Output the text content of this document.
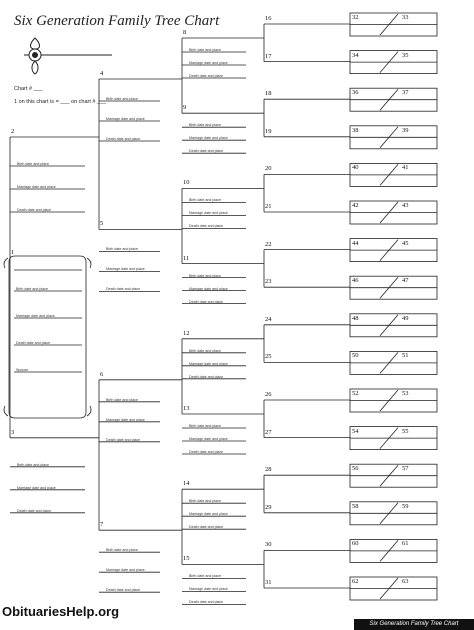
Six Generation Family Tree Chart
Chart # ___
1 on this chart is = ___ on chart # ___
32	33
34	35
36	37
38	39
40	41
42	43
44	45
46	47
48	49
50	51
52	53
54	55
56	57
58	59
60	61
62	63
16
17
18
19
20
21
22
23
24
25
26
27
28
29
30
31
8
Birth date and place
Marriage date and place
Death date and place
9
Birth date and place
Marriage date and place
Death date and place
10
Birth date and place
Marriage date and place
Death date and place
11
Birth date and place
Marriage date and place
Death date and place
12
Birth date and place
Marriage date and place
Death date and place
13
Birth date and place
Marriage date and place
Death date and place
14
Birth date and place
Marriage date and place
Death date and place
15
Birth date and place
Marriage date and place
Death date and place
4
Birth date and place
Marriage date and place
Death date and place
5
Birth date and place
Marriage date and place
Death date and place
6
Birth date and place
Marriage date and place
Death date and place
7
Birth date and place
Marriage date and place
Death date and place
2
Birth date and place
Marriage date and place
Death date and place
3
Birth date and place
Marriage date and place
Death date and place
1
Birth date and place
Marriage date and place
Death date and place
Spouse
ObituariesHelp.org
Six Generation Family Tree Chart
